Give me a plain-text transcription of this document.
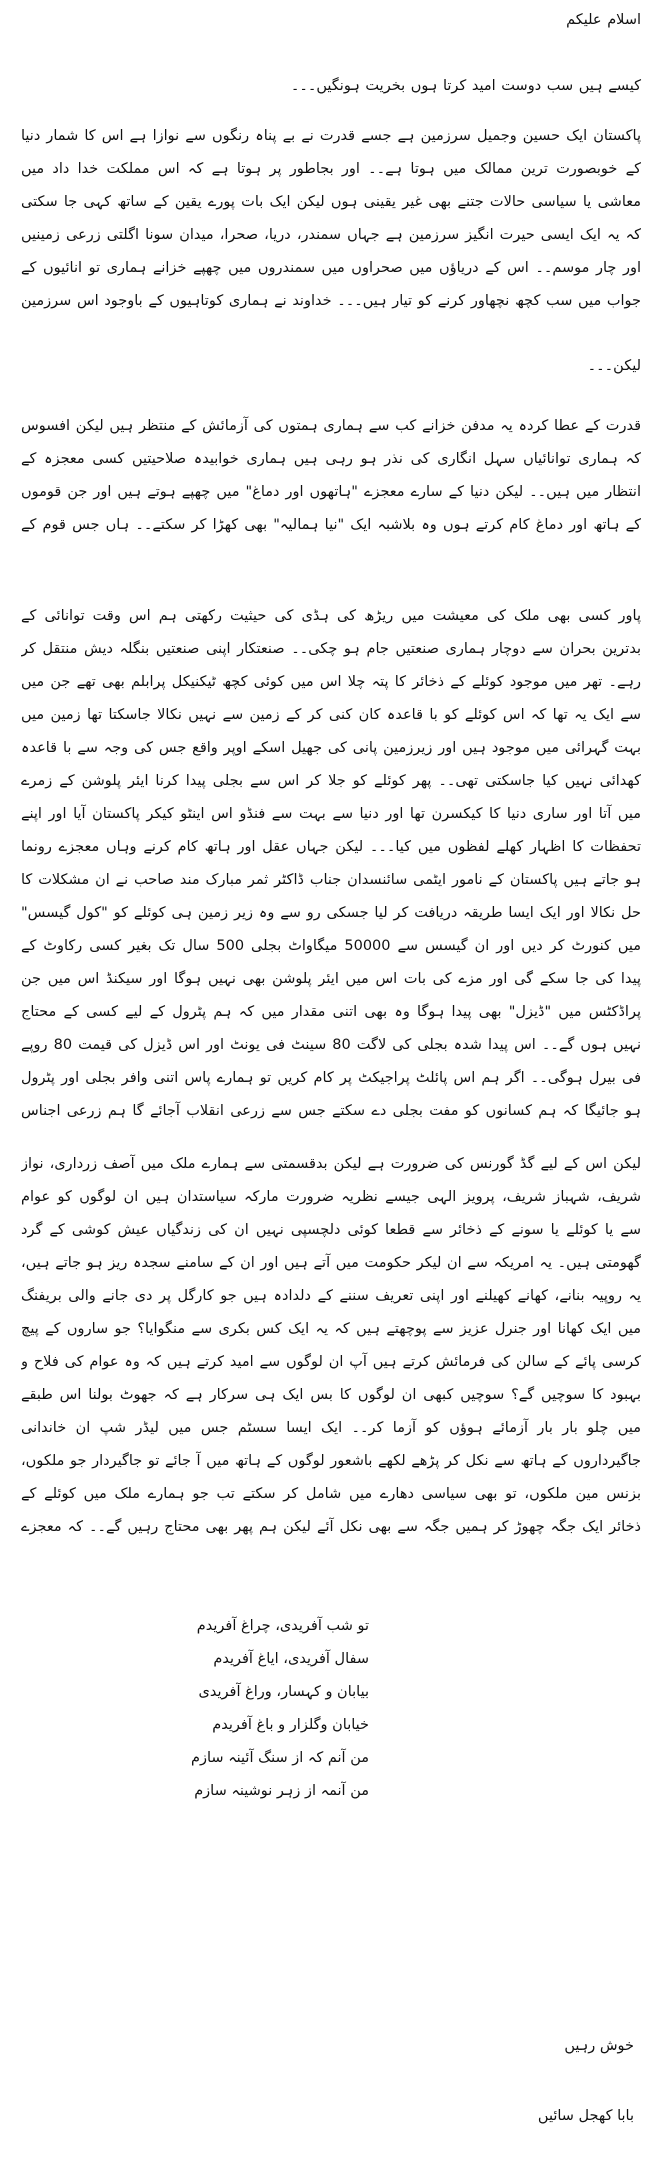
اسلام علیکم
کیسے ہیں سب دوست امید کرتا ہوں بخریت ہونگیں۔۔۔
پاکستان ایک حسین وجمیل سرزمین ہے جسے قدرت نے بے پناہ رنگوں سے نوازا ہے اس کا شمار دنیا کے خوبصورت ترین ممالک میں ہوتا ہے۔۔ اور بجاطور پر ہوتا ہے کہ اس مملکت خدا داد میں معاشی یا سیاسی حالات جتنے بھی غیر یقینی ہوں لیکن ایک بات پورے یقین کے ساتھ کہی جا سکتی کہ یہ ایک ایسی حیرت انگیز سرزمین ہے جہاں سمندر، دریا، صحرا، میدان سونا اگلتی زرعی زمینیں اور چار موسم۔۔ اس کے دریاؤں میں صحراوں میں سمندروں میں چھپے خزانے ہماری تو انائیوں کے جواب میں سب کچھ نچھاور کرنے کو تیار ہیں۔۔۔ خداوند نے ہماری کوتاہیوں کے باوجود اس سرزمین
لیکن۔۔۔
قدرت کے عطا کردہ یہ مدفن خزانے کب سے ہماری ہمتوں کی آزمائش کے منتظر ہیں لیکن افسوس کہ ہماری توانائیاں سہل انگاری کی نذر ہو رہی ہیں ہماری خوابیدہ صلاحیتیں کسی معجزہ کے انتظار میں ہیں۔۔ لیکن دنیا کے سارے معجزے "ہاتھوں اور دماغ" میں چھپے ہوتے ہیں اور جن قوموں کے ہاتھ اور دماغ کام کرتے ہوں وہ بلاشبہ ایک "نیا ہمالیہ" بھی کھڑا کر سکتے۔۔ ہاں جس قوم کے
پاور کسی بھی ملک کی معیشت میں ریڑھ کی ہڈی کی حیثیت رکھتی ہم اس وقت توانائی کے بدترین بحران سے دوچار ہماری صنعتیں جام ہو چکی۔۔ صنعتکار اپنی صنعتیں بنگلہ دیش منتقل کر رہے۔ تھر میں موجود کوئلے کے ذخائر کا پتہ چلا اس میں کوئی کچھ ٹیکنیکل پرابلم بھی تھے جن میں سے ایک یہ تھا کہ اس کوئلے کو با قاعدہ کان کنی کر کے زمین سے نہیں نکالا جاسکتا تھا زمین میں بہت گہرائی میں موجود ہیں اور زیرزمین پانی کی جھیل اسکے اوپر واقع جس کی وجہ سے با قاعدہ کھدائی نہیں کیا جاسکتی تھی۔۔ پھر کوئلے کو جلا کر اس سے بجلی پیدا کرنا ایئر پلوشن کے زمرے میں آتا اور ساری دنیا کا کیکسرن تھا اور دنیا سے بہت سے فنڈو اس اینٹو کیکر پاکستان آیا اور اپنے تحفظات کا اظہار کھلے لفظوں میں کیا۔۔۔ لیکن جہاں عقل اور ہاتھ کام کرنے وہاں معجزے رونما ہو جاتے ہیں پاکستان کے نامور ایٹمی سائنسدان جناب ڈاکٹر ثمر مبارک مند صاحب نے ان مشکلات کا حل نکالا اور ایک ایسا طریقہ دریافت کر لیا جسکی رو سے وہ زیر زمین ہی کوئلے کو "کول گیسس" میں کنورٹ کر دیں اور ان گیسس سے 50000 میگاواٹ بجلی 500 سال تک بغیر کسی رکاوٹ کے پیدا کی جا سکے گی اور مزے کی بات اس میں ایئر پلوشن بھی نہیں ہوگا اور سیکنڈ اس میں جن پراڈکٹس میں "ڈیزل" بھی پیدا ہوگا وہ بھی اتنی مقدار میں کہ ہم پٹرول کے لیے کسی کے محتاج نہیں ہوں گے۔۔ اس پیدا شدہ بجلی کی لاگت 80 سینٹ فی یونٹ اور اس ڈیزل کی قیمت 80 روپے فی بیرل ہوگی۔۔ اگر ہم اس پائلٹ پراجیکٹ پر کام کریں تو ہمارے پاس اتنی وافر بجلی اور پٹرول ہو جائیگا کہ ہم کسانوں کو مفت بجلی دے سکتے جس سے زرعی انقلاب آجائے گا ہم زرعی اجناس
لیکن اس کے لیے گڈ گورنس کی ضرورت ہے لیکن بدقسمتی سے ہمارے ملک میں آصف زرداری، نواز شریف، شہباز شریف، پرویز الہی جیسے نظریہ ضرورت مارکہ سیاستدان ہیں ان لوگوں کو عوام سے یا کوئلے یا سونے کے ذخائر سے قطعا کوئی دلچسپی نہیں ان کی زندگیاں عیش کوشی کے گرد گھومتی ہیں۔ یہ امریکہ سے ان لیکر حکومت میں آتے ہیں اور ان کے سامنے سجدہ ریز ہو جاتے ہیں، یہ روپیہ بنانے، کھانے کھیلنے اور اپنی تعریف سننے کے دلدادہ ہیں جو کارگل پر دی جانے والی بریفنگ میں ایک کھانا اور جنرل عزیز سے پوچھتے ہیں کہ یہ ایک کس بکری سے منگوایا؟ جو ساروں کے پیچ کرسی پائے کے سالن کی فرمائش کرتے ہیں آپ ان لوگوں سے امید کرتے ہیں کہ وہ عوام کی فلاح و بہبود کا سوچیں گے؟ سوچیں کبھی ان لوگوں کا بس ایک ہی سرکار ہے کہ جھوٹ بولنا اس طبقے میں چلو بار بار آزمائے ہوؤں کو آزما کر۔۔ ایک ایسا سسٹم جس میں لیڈر شپ ان خاندانی جاگیرداروں کے ہاتھ سے نکل کر پڑھے لکھے باشعور لوگوں کے ہاتھ میں آ جائے تو جاگیردار جو ملکوں، بزنس مین ملکوں، تو بھی سیاسی دھارے میں شامل کر سکتے تب جو ہمارے ملک میں کوئلے کے ذخائر ایک جگہ چھوڑ کر ہمیں جگہ سے بھی نکل آئے لیکن ہم پھر بھی محتاج رہیں گے۔۔ کہ معجزے
تو شب آفریدی، چراغ آفریدم
سفال آفریدی، ایاغ آفریدم
بیابان و کہسار، وراغ آفریدی
خیابان وگلزار و باغ آفریدم
من آنم کہ از سنگ آئینہ سازم
من آنمہ از زہر نوشینہ سازم
خوش رہیں
بابا کھجل سائیں
